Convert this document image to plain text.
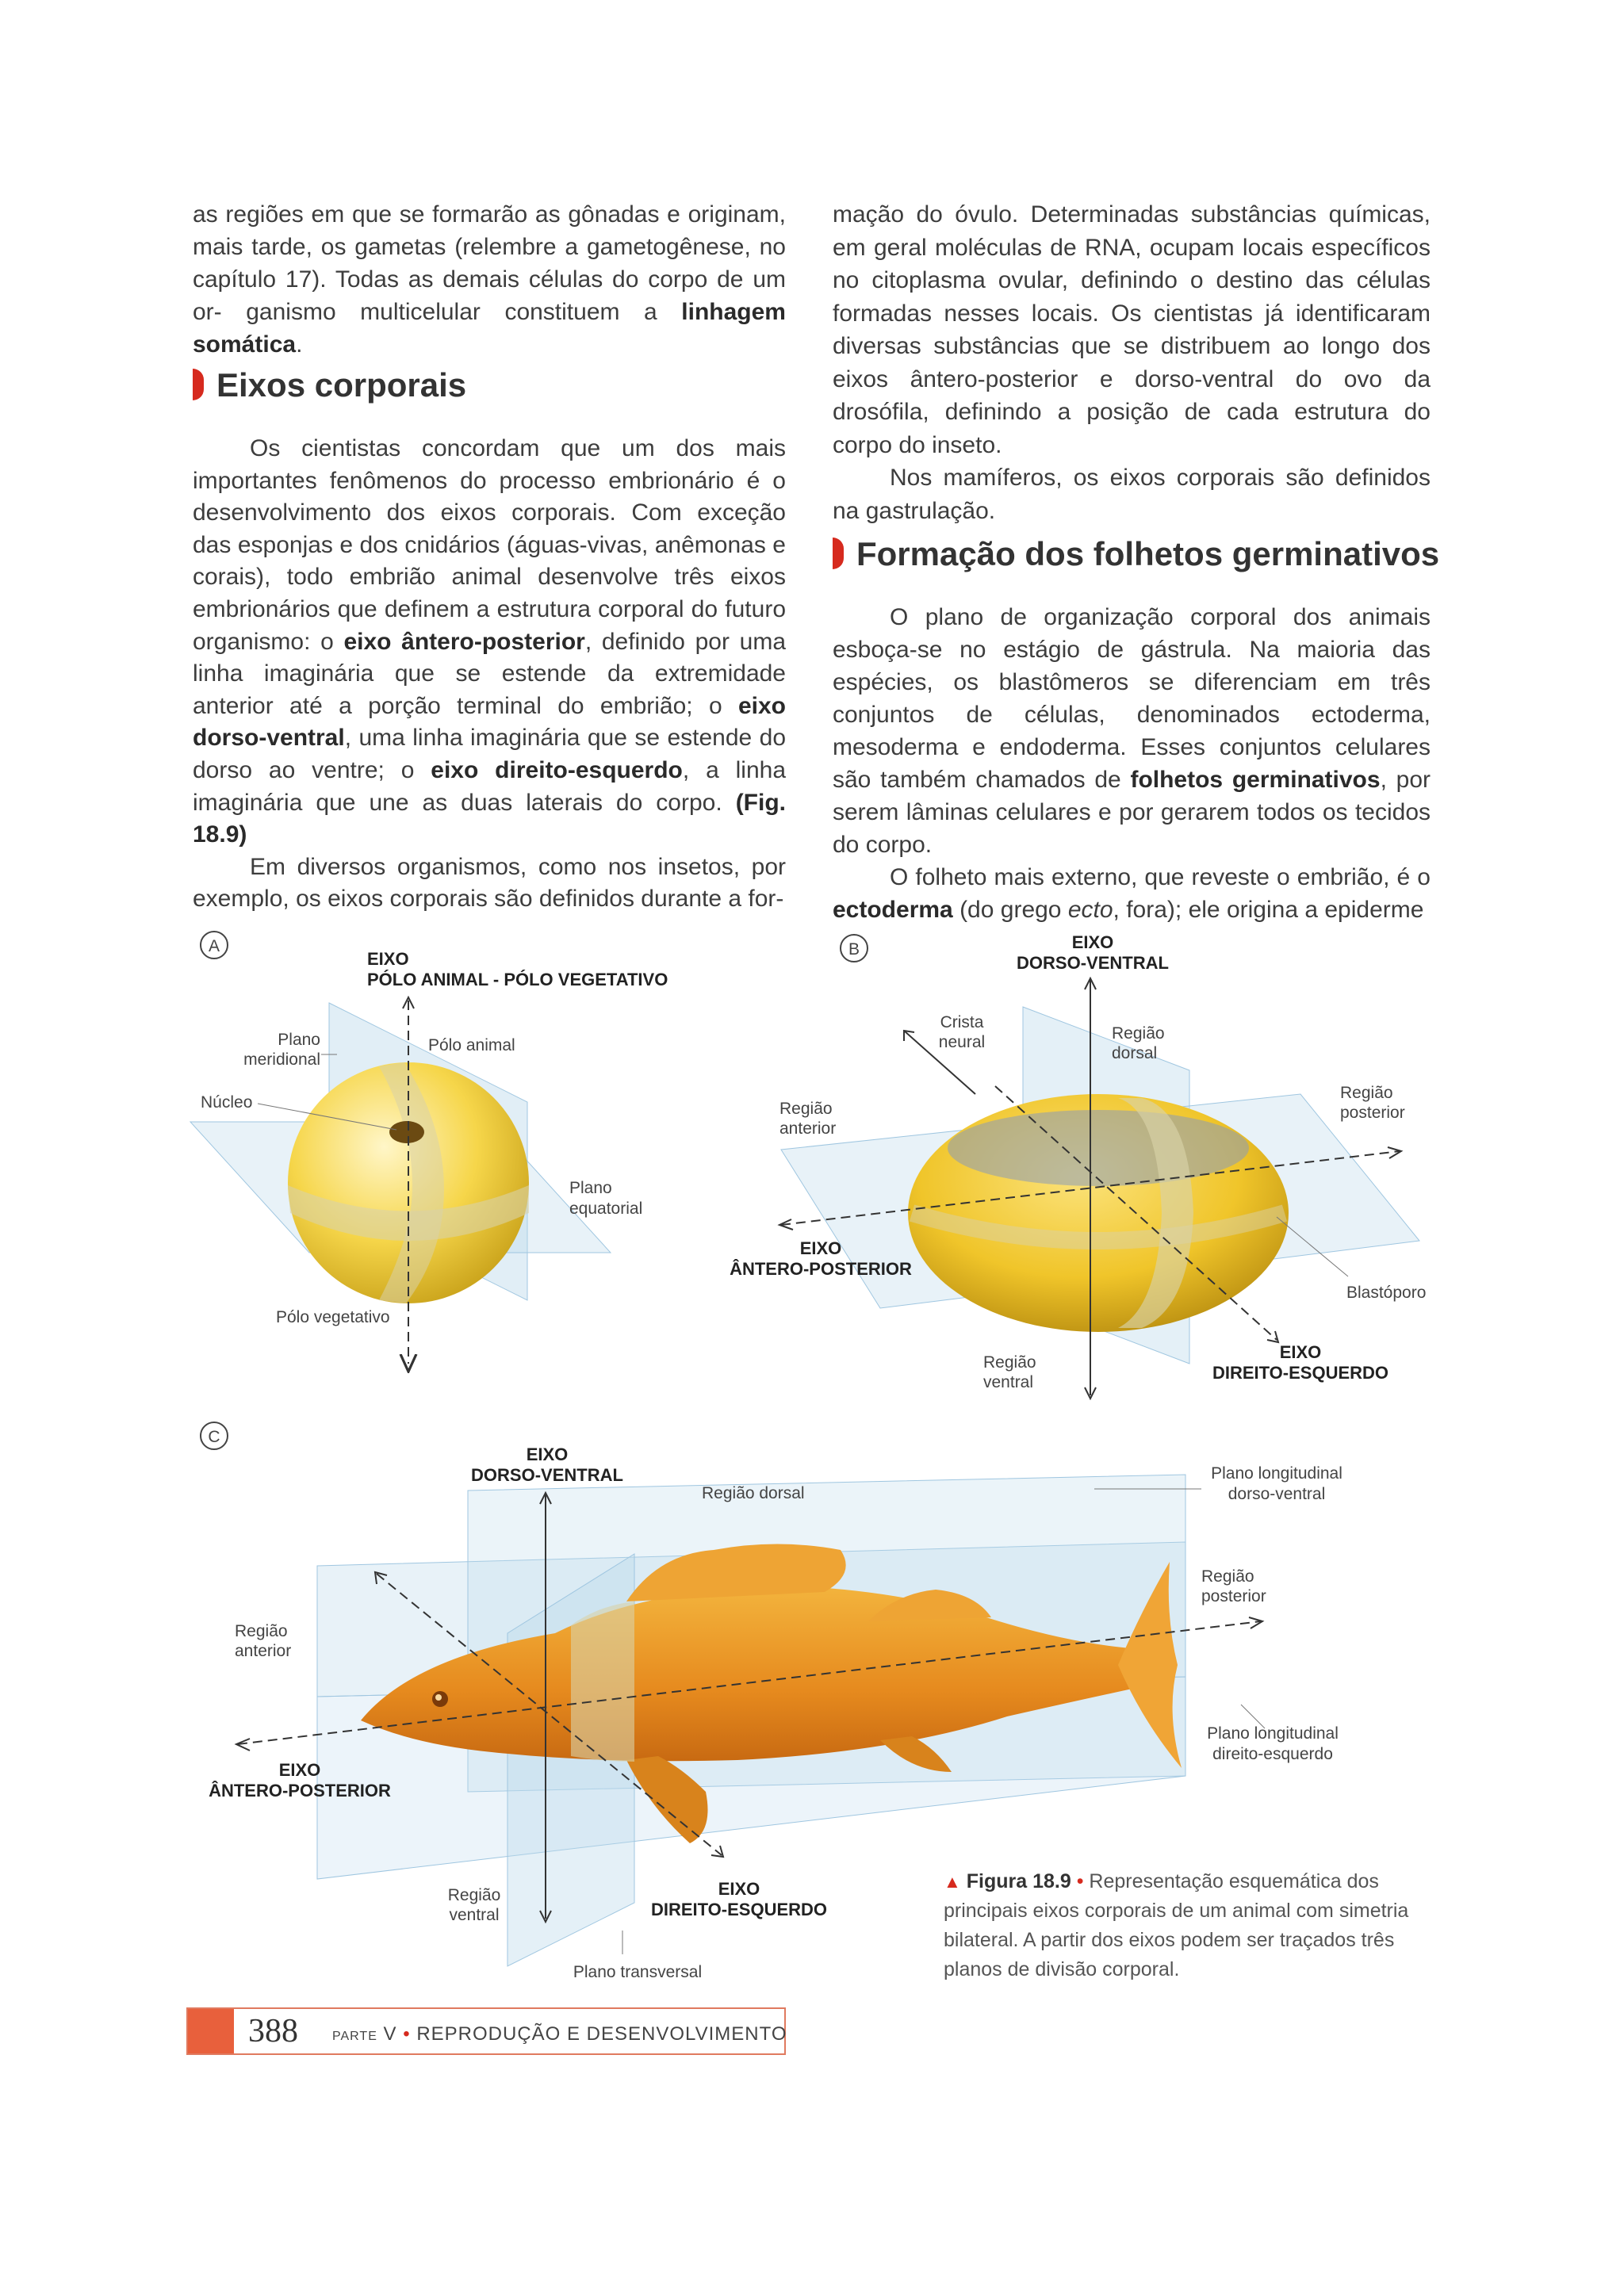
as regiões em que se formarão as gônadas e originam, mais tarde, os gametas (relembre a gametogênese, no capítulo 17). Todas as demais células do corpo de um or- ganismo multicelular constituem a linhagem somática.

Eixos corporais

Os cientistas concordam que um dos mais importantes fenômenos do processo embrionário é o desenvolvimento dos eixos corporais. Com exceção das esponjas e dos cnidários (águas-vivas, anêmonas e corais), todo embrião animal desenvolve três eixos embrionários que definem a estrutura corporal do futuro organismo: o eixo ântero-posterior, definido por uma linha imaginária que se estende da extremidade anterior até a porção terminal do embrião; o eixo dorso-ventral, uma linha imaginária que se estende do dorso ao ventre; o eixo direito-esquerdo, a linha imaginária que une as duas laterais do corpo. (Fig. 18.9)

Em diversos organismos, como nos insetos, por exemplo, os eixos corporais são definidos durante a for-

mação do óvulo. Determinadas substâncias químicas, em geral moléculas de RNA, ocupam locais específicos no citoplasma ovular, definindo o destino das células formadas nesses locais. Os cientistas já identificaram diversas substâncias que se distribuem ao longo dos eixos ântero-posterior e dorso-ventral do ovo da drosófila, definindo a posição de cada estrutura do corpo do inseto.

Nos mamíferos, os eixos corporais são definidos na gastrulação.

Formação dos folhetos germinativos

O plano de organização corporal dos animais esboça-se no estágio de gástrula. Na maioria das espécies, os blastômeros se diferenciam em três conjuntos de células, denominados ectoderma, mesoderma e endoderma. Esses conjuntos celulares são também chamados de folhetos germinativos, por serem lâminas celulares e por gerarem todos os tecidos do corpo.

O folheto mais externo, que reveste o embrião, é o ectoderma (do grego ecto, fora); ele origina a epiderme

A
EIXO
PÓLO ANIMAL - PÓLO VEGETATIVO
Plano
meridional
Pólo animal
Núcleo
Plano
equatorial
Pólo vegetativo
B	EIXO
DORSO-VENTRAL
Crista
neural	Região
dorsal
Região
anterior
Região
posterior
EIXO
ÂNTERO-POSTERIOR
Blastóporo
Região
ventral
EIXO
DIREITO-ESQUERDO
C
EIXO
DORSO-VENTRAL
Região dorsal
Plano longitudinal
dorso-ventral
Região
posterior
Região
anterior
Plano longitudinal
direito-esquerdo
EIXO
ÂNTERO-POSTERIOR
Região
ventral
EIXO
DIREITO-ESQUERDO
Plano transversal
▲ Figura 18.9 • Representação esquemática dos principais eixos corporais de um animal com simetria bilateral. A partir dos eixos podem ser traçados três planos de divisão corporal.
388	PARTE V • REPRODUÇÃO E DESENVOLVIMENTO
